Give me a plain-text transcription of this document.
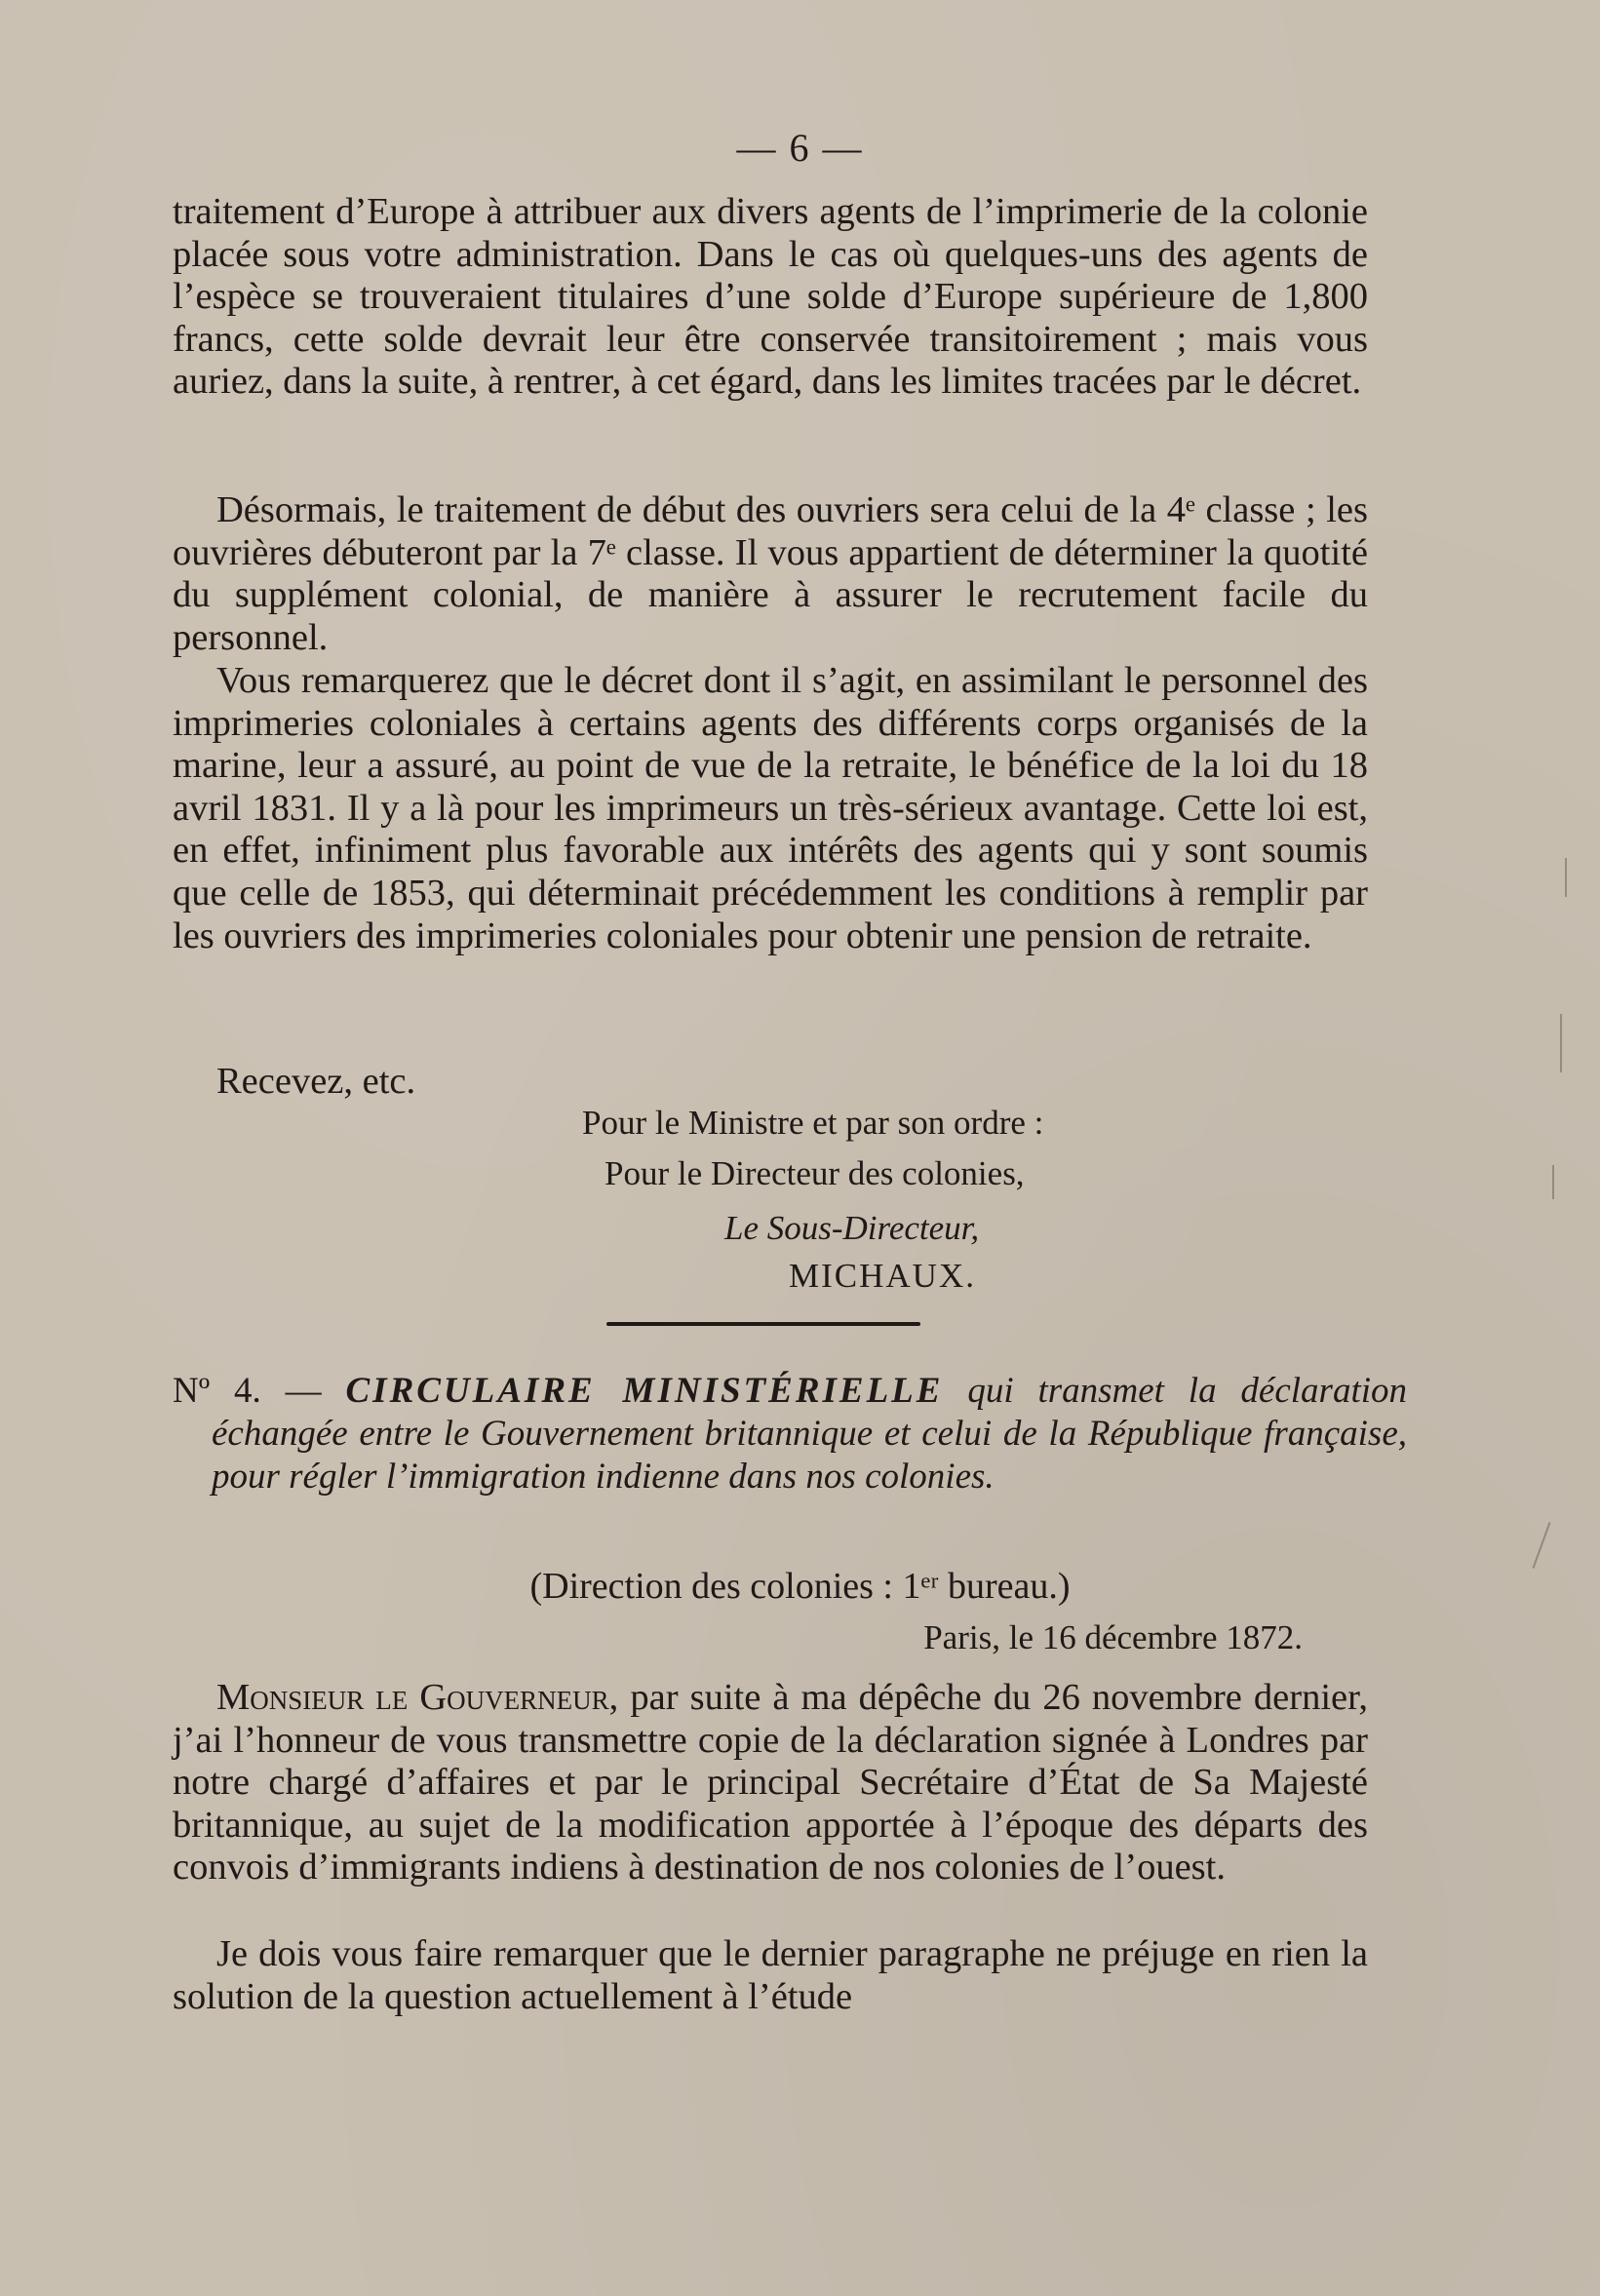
— 6 —

traitement d’Europe à attribuer aux divers agents de l’imprimerie de la colonie placée sous votre administration. Dans le cas où quelques-uns des agents de l’espèce se trouveraient titulaires d’une solde d’Europe supérieure de 1,800 francs, cette solde devrait leur être conservée transitoirement ; mais vous auriez, dans la suite, à rentrer, à cet égard, dans les limites tracées par le décret.

Désormais, le traitement de début des ouvriers sera celui de la 4ᵉ classe ; les ouvrières débuteront par la 7ᵉ classe. Il vous appartient de déterminer la quotité du supplément colonial, de manière à assurer le recrutement facile du personnel.

Vous remarquerez que le décret dont il s’agit, en assimilant le personnel des imprimeries coloniales à certains agents des différents corps organisés de la marine, leur a assuré, au point de vue de la retraite, le bénéfice de la loi du 18 avril 1831. Il y a là pour les imprimeurs un très-sérieux avantage. Cette loi est, en effet, infiniment plus favorable aux intérêts des agents qui y sont soumis que celle de 1853, qui déterminait précédemment les conditions à remplir par les ouvriers des imprimeries coloniales pour obtenir une pension de retraite.

Recevez, etc.

Pour le Ministre et par son ordre :
Pour le Directeur des colonies,
Le Sous-Directeur,
MICHAUX.
Nº 4. — CIRCULAIRE MINISTÉRIELLE qui transmet la déclaration échangée entre le Gouvernement britannique et celui de la République française, pour régler l’immigration indienne dans nos colonies.
(Direction des colonies : 1ᵉʳ bureau.)
Paris, le 16 décembre 1872.

Monsieur le Gouverneur, par suite à ma dépêche du 26 novembre dernier, j’ai l’honneur de vous transmettre copie de la déclaration signée à Londres par notre chargé d’affaires et par le principal Secrétaire d’État de Sa Majesté britannique, au sujet de la modification apportée à l’époque des départs des convois d’immigrants indiens à destination de nos colonies de l’ouest.

Je dois vous faire remarquer que le dernier paragraphe ne préjuge en rien la solution de la question actuellement à l’étude
